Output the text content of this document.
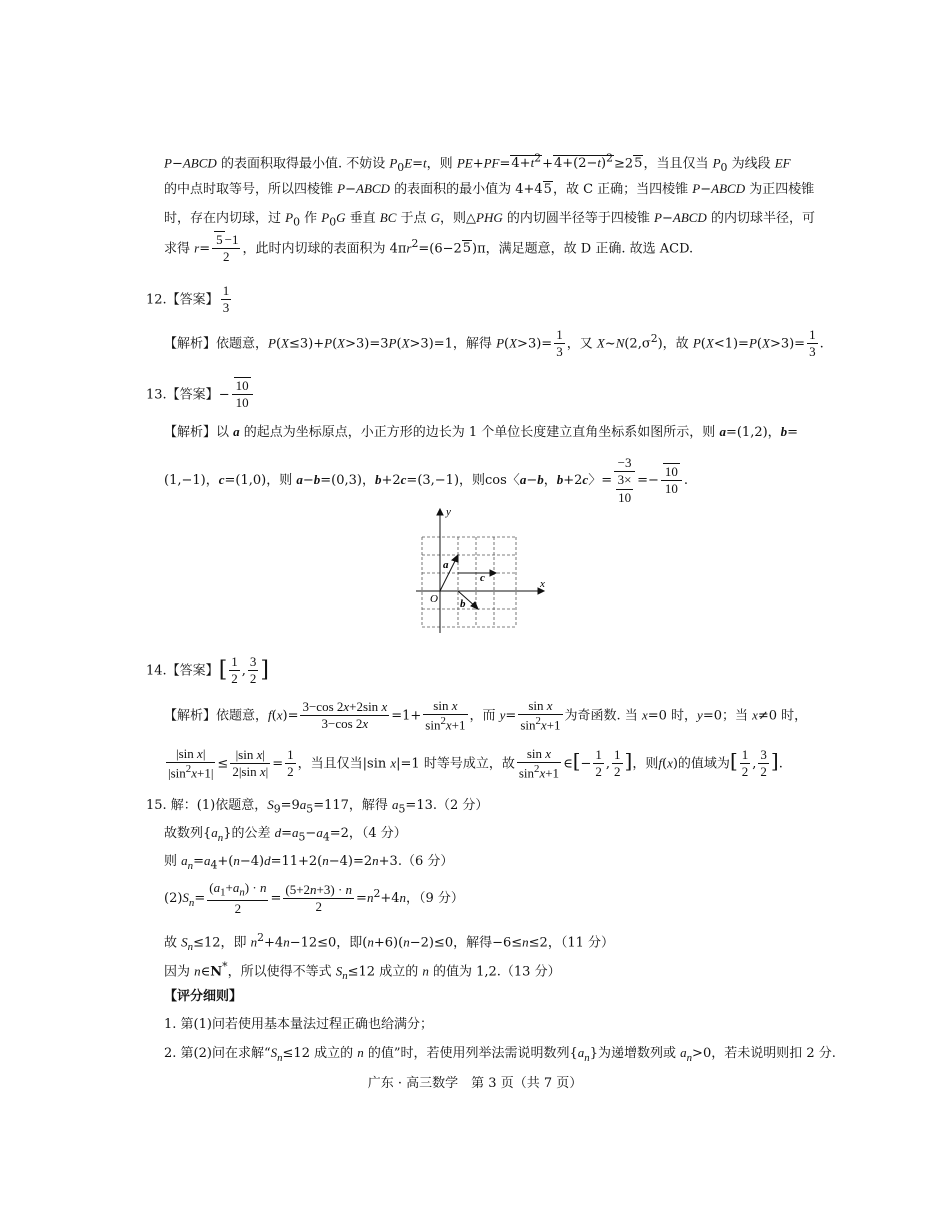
P−ABCD 的表面积取得最小值. 不妨设 $P_0E=t$，则 $PE+PF=4+t^2+4+(2-t)^2\ge 25$，当且仅当 $P_0$ 为线段 EF
的中点时取等号，所以四棱锥 P−ABCD 的表面积的最小值为 4+45，故 C 正确；当四棱锥 P−ABCD 为正四棱锥
时，存在内切球，过 $P_0$ 作 $P_0G$ 垂直 BC 于点 G，则△PHG 的内切圆半径等于四棱锥 P−ABCD 的内切球半径，可
求得 $r= \frac{5 -1}{2}$ ，此时内切球的表面积为 $4\pi r^2=(6-25)\pi$，满足题意，故 D 正确. 故选 ACD.
12.【答案】 $\frac{1}{3}$
【解析】依题意，P(X≤3)+P(X>3)=3P(X>3)=1，解得 $P(X>3)= \frac{1}{3}$ ，又 $X\sim N(2,\sigma^2)$，故 $P(X<1)=P(X>3)= \frac{1}{3}$ .
13.【答案】− $\frac{10}{10}$
【解析】以 a 的起点为坐标原点，小正方形的边长为 1 个单位长度建立直角坐标系如图所示，则 a=(1,2)，b=
(1,−1)，c=(1,0)，则 a−b=(0,3)，b+2c=(3,−1)，则cos〈a−b，b+2c〉= −3
3×
$10 =- \frac{10}{10}$ .
y
x
O
a
c
b
14.【答案】[ $\frac{1}{2}$ , $\frac{3}{2}$ ]
【解析】依题意，$f(x)= \frac{\text{3−cos 2x+2sin x}}{3-\cos 2x} =1+ \frac{\text{sin x}}{\sin^2x+1}$ ，而 $y= \frac{\text{sin x}}{\sin^2x+1}$ 为奇函数. 当 x=0 时，y=0；当 x≠0 时，
$\frac{\text{|sin x|}}{|\sin^2x+1|} \le \frac{\text{|sin x|}}{\text{2|sin x|}} = \frac{1}{2}$ ，当且仅当|sin x|=1 时等号成立，故 $\frac{\text{sin x}}{\sin^2x+1}$ ∈[− $\frac{1}{2}$ , $\frac{1}{2}$ ]，则f(x)的值域为[ $\frac{1}{2}$ , $\frac{3}{2}$ ].
15. 解：(1)依题意，$S_9=9a_5=117$，解得 $a_5=13.(2$ 分）
故数列$\{a_n\}$的公差 $d=a_5-a_4=2$，（4 分）
则 $a_n=a_4+(n-4)d=11+2(n-4)=2n+3.(6$ 分）
$(2)S_n= \frac{(a_1+a_n) \cdot n}{2} = \frac{(5+2n+3) \cdot n}{2} =n^2+4n$，（9 分）
故 $S_n\le 12$，即 $n^2+4n-12\le 0$，即(n+6)(n−2)≤0，解得−6≤n≤2，（11 分）
因为 n∈N*，所以使得不等式 $S_n\le 12$ 成立的 n 的值为 1,2.（13 分）
【评分细则】
1. 第(1)问若使用基本量法过程正确也给满分；
2. 第(2)问在求解“$S_n\le 12$ 成立的 n 的值”时，若使用列举法需说明数列$\{a_n\}$为递增数列或 $a_n>0$，若未说明则扣 2 分.
广东 · 高三数学　第 3 页（共 7 页）
